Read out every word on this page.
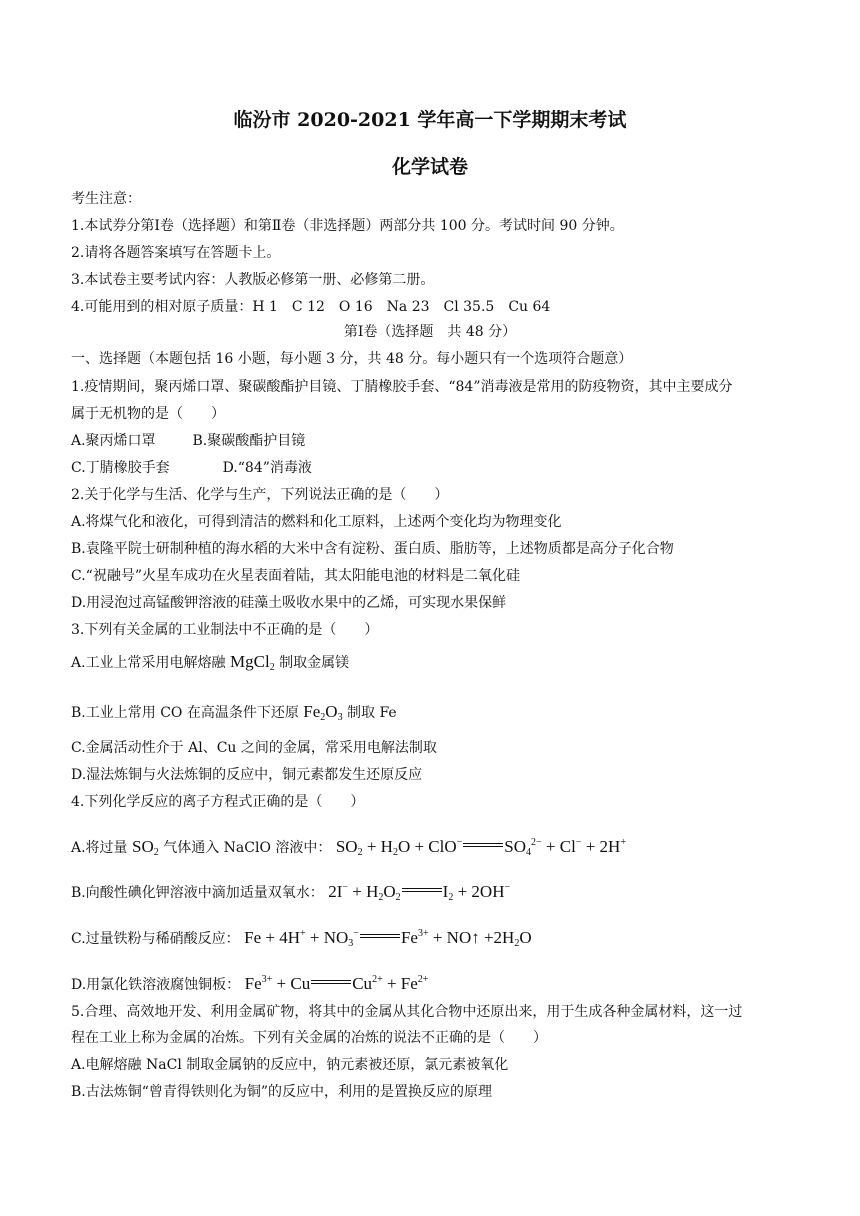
临汾市 2020-2021 学年高一下学期期末考试
化学试卷
考生注意：
1.本试券分第Ⅰ卷（选择题）和第Ⅱ卷（非选择题）两部分共 100 分。考试时间 90 分钟。
2.请将各题答案填写在答题卡上。
3.本试卷主要考试内容：人教版必修第一册、必修第二册。
4.可能用到的相对原子质量：H 1　C 12　O 16　Na 23　Cl 35.5　Cu 64
第Ⅰ卷（选择题　共 48 分）
一、选择题（本题包括 16 小题，每小题 3 分，共 48 分。每小题只有一个选项符合题意）
1.疫情期间，聚丙烯口罩、聚碳酸酯护目镜、丁腈橡胶手套、“84”消毒液是常用的防疫物资，其中主要成分
属于无机物的是（　　）
A.聚丙烯口罩	B.聚碳酸酯护目镜
C.丁腈橡胶手套	D.“84”消毒液
2.关于化学与生活、化学与生产，下列说法正确的是（　　）
A.将煤气化和液化，可得到清洁的燃料和化工原料，上述两个变化均为物理变化
B.袁隆平院士研制种植的海水稻的大米中含有淀粉、蛋白质、脂肪等，上述物质都是高分子化合物
C.“祝融号”火星车成功在火星表面着陆，其太阳能电池的材料是二氧化硅
D.用浸泡过高锰酸钾溶液的硅藻土吸收水果中的乙烯，可实现水果保鲜
3.下列有关金属的工业制法中不正确的是（　　）
A.工业上常采用电解熔融 MgCl$_2$ 制取金属镁
B.工业上常用 CO 在高温条件下还原 $Fe_2O_3$ 制取 Fe
C.金属活动性介于 Al、Cu 之间的金属，常采用电解法制取
D.湿法炼铜与火法炼铜的反应中，铜元素都发生还原反应
4.下列化学反应的离子方程式正确的是（　　）
A.将过量 $SO_2$ 气体通入 NaClO 溶液中： $SO_2 + H_2O + ClO^-$ $SO_4^{2-} + Cl^- + 2H^+$
B.向酸性碘化钾溶液中滴加适量双氧水： $2I^- + H_2O_2$ $I_2 + 2OH^-$
C.过量铁粉与稀硝酸反应： $Fe + 4H^+ + NO_3^-$ $Fe^{3+}$ + NO↑ $+2H_2O$
D.用氯化铁溶液腐蚀铜板： $Fe^{3+} + Cu$ $Cu^{2+} + Fe^{2+}$
5.合理、高效地开发、利用金属矿物，将其中的金属从其化合物中还原出来，用于生成各种金属材料，这一过
程在工业上称为金属的冶炼。下列有关金属的冶炼的说法不正确的是（　　）
A.电解熔融 NaCl 制取金属钠的反应中，钠元素被还原，氯元素被氧化
B.古法炼铜“曾青得铁则化为铜”的反应中，利用的是置换反应的原理
